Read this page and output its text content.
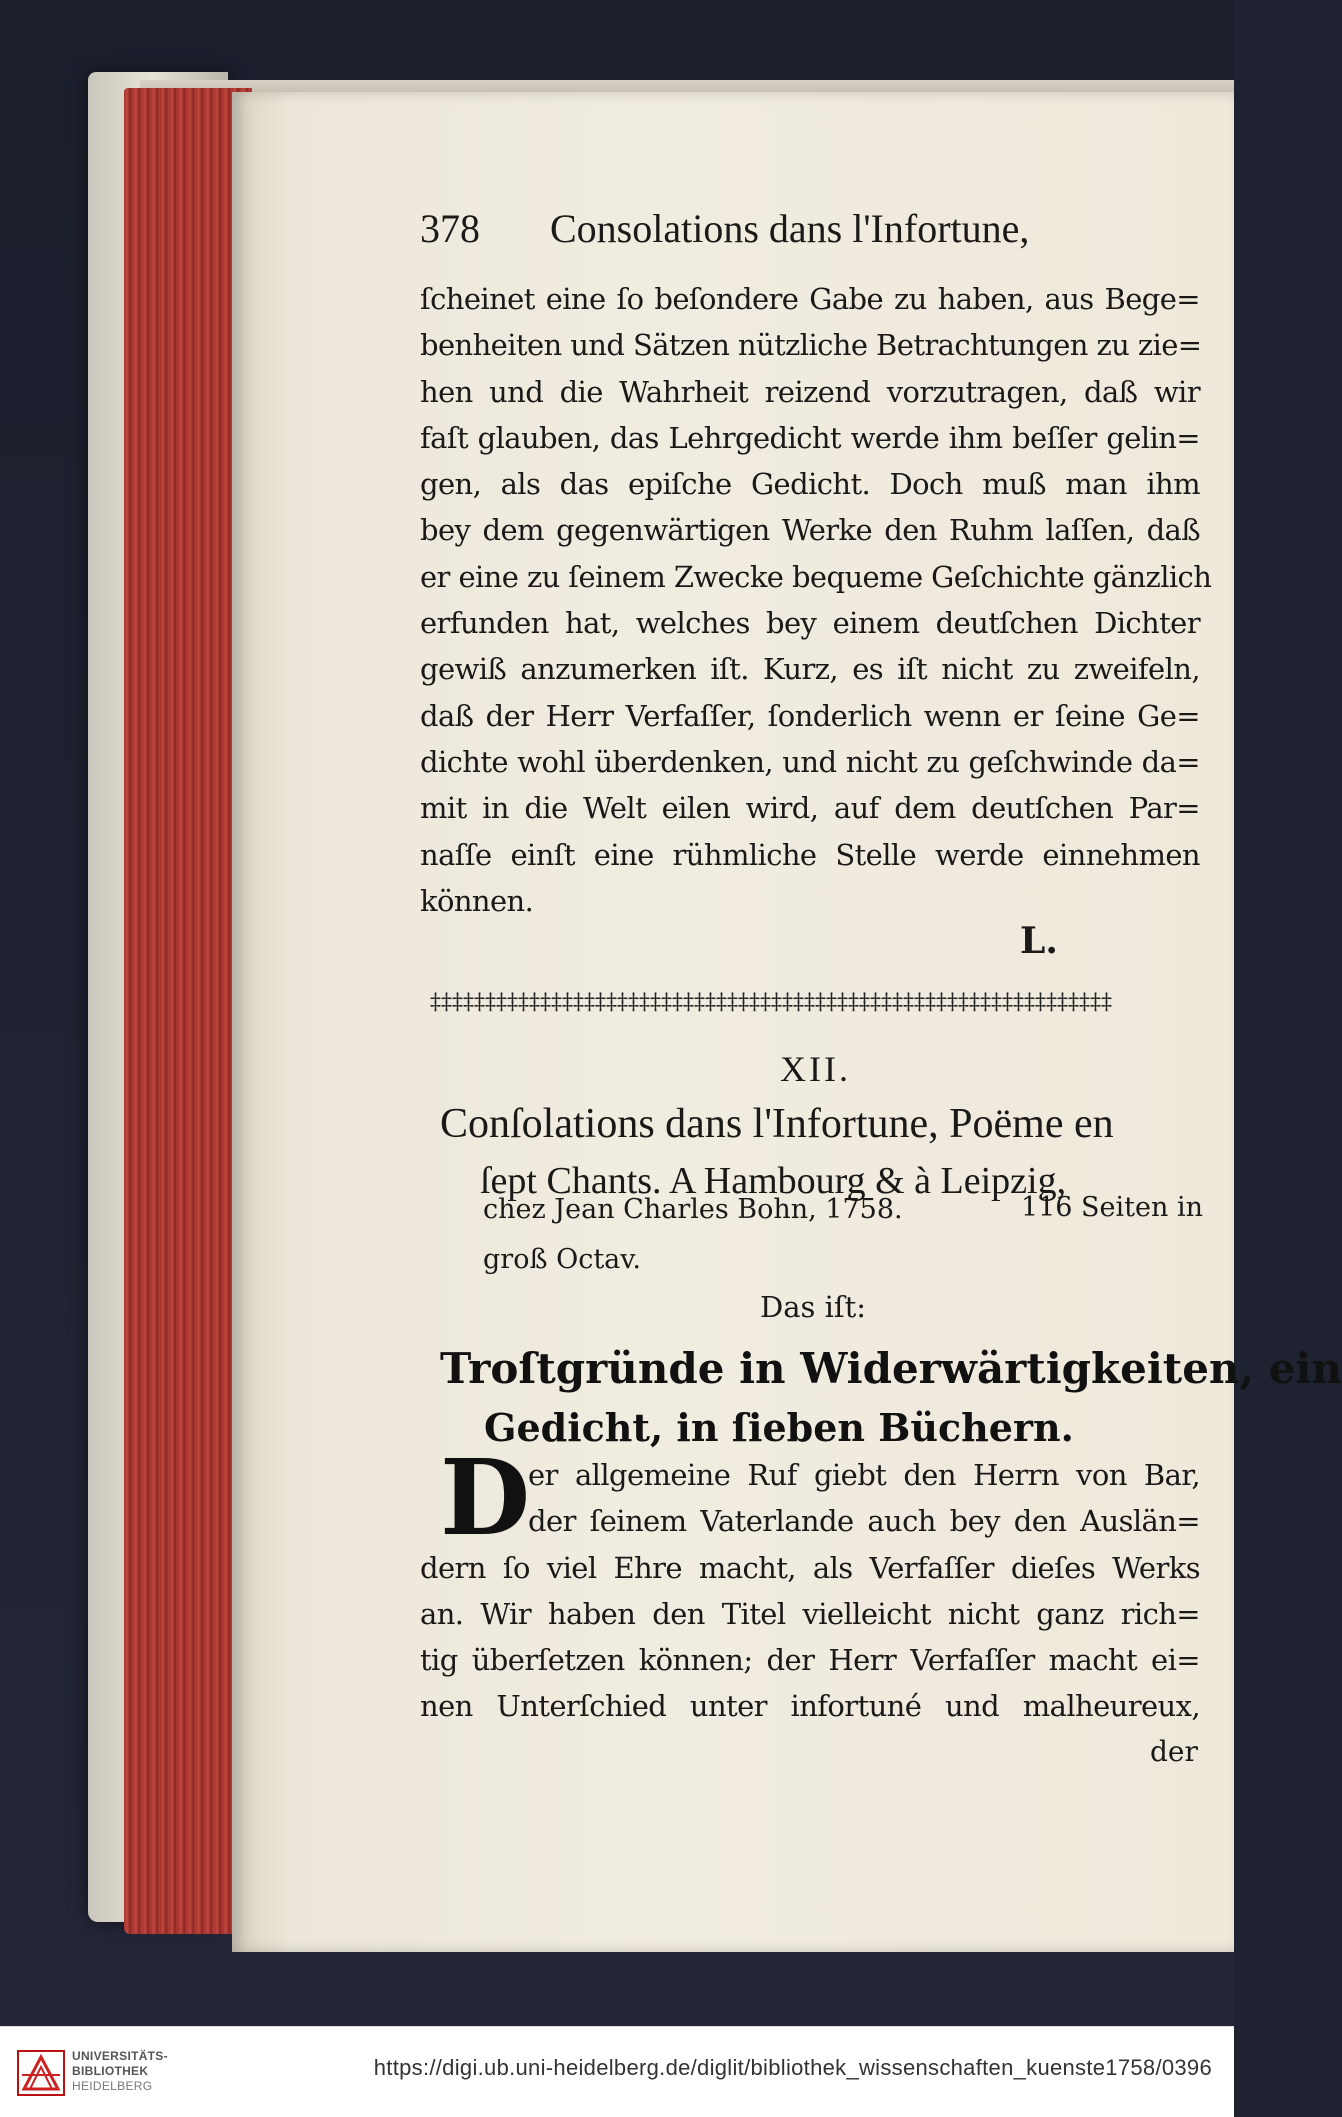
378 Consolations dans l'Infortune,
ſcheinet eine ſo beſondere Gabe zu haben, aus Bege=
benheiten und Sätzen nützliche Betrachtungen zu zie=
hen und die Wahrheit reizend vorzutragen, daß wir
faſt glauben, das Lehrgedicht werde ihm beſſer gelin=
gen, als das epiſche Gedicht. Doch muß man ihm
bey dem gegenwärtigen Werke den Ruhm laſſen, daß
er eine zu ſeinem Zwecke bequeme Geſchichte gänzlich
erfunden hat, welches bey einem deutſchen Dichter
gewiß anzumerken iſt. Kurz, es iſt nicht zu zweifeln,
daß der Herr Verfaſſer, ſonderlich wenn er ſeine Ge=
dichte wohl überdenken, und nicht zu geſchwinde da=
mit in die Welt eilen wird, auf dem deutſchen Par=
naſſe einſt eine rühmliche Stelle werde einnehmen
können.
L.
‡‡‡‡‡‡‡‡‡‡‡‡‡‡‡‡‡‡‡‡‡‡‡‡‡‡‡‡‡‡‡‡‡‡‡‡‡‡‡‡‡‡‡‡‡‡‡‡‡‡‡‡‡‡‡‡‡‡‡‡‡‡
XII.
Conſolations dans l'Infortune, Poëme en
ſept Chants. A Hambourg & à Leipzig,
chez Jean Charles Bohn, 1758.	116 Seiten in
groß Octav.
Das iſt:
Troſtgründe in Widerwärtigkeiten, ein
Gedicht, in ſieben Büchern.
D
er allgemeine Ruf giebt den Herrn von Bar,
der ſeinem Vaterlande auch bey den Auslän=
dern ſo viel Ehre macht, als Verfaſſer dieſes Werks
an. Wir haben den Titel vielleicht nicht ganz rich=
tig überſetzen können; der Herr Verfaſſer macht ei=
nen Unterſchied unter infortuné und malheureux,
der
UNIVERSITÄTS-
BIBLIOTHEK
HEIDELBERG
https://digi.ub.uni-heidelberg.de/diglit/bibliothek_wissenschaften_kuenste1758/0396
